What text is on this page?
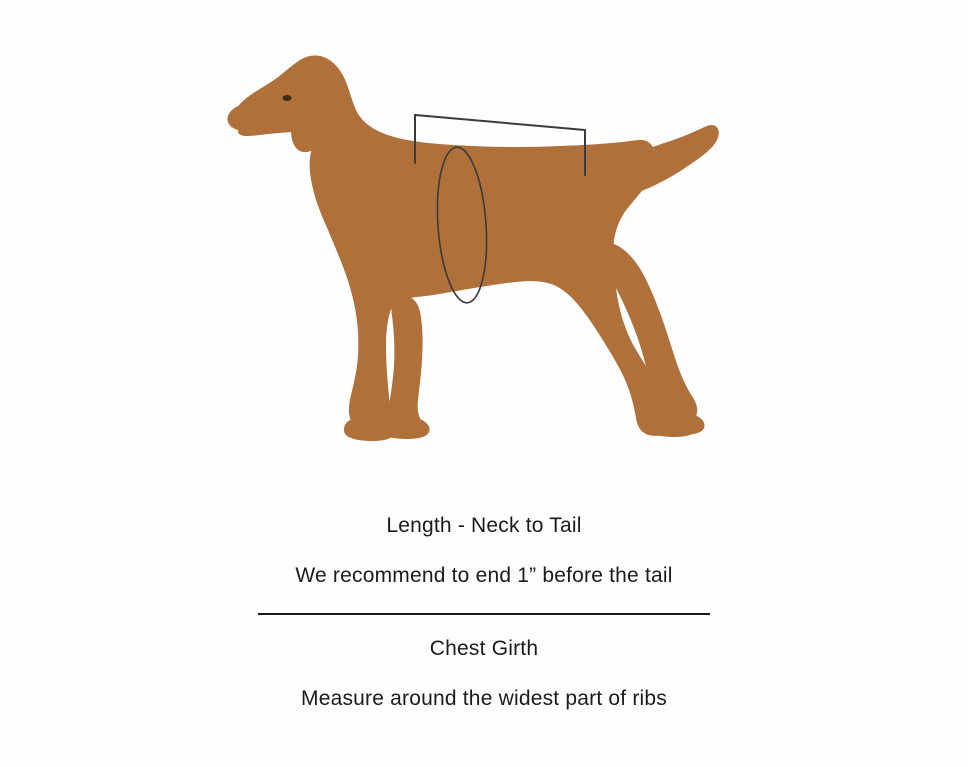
Length - Neck to Tail
We recommend to end 1” before the tail
Chest Girth
Measure around the widest part of ribs
